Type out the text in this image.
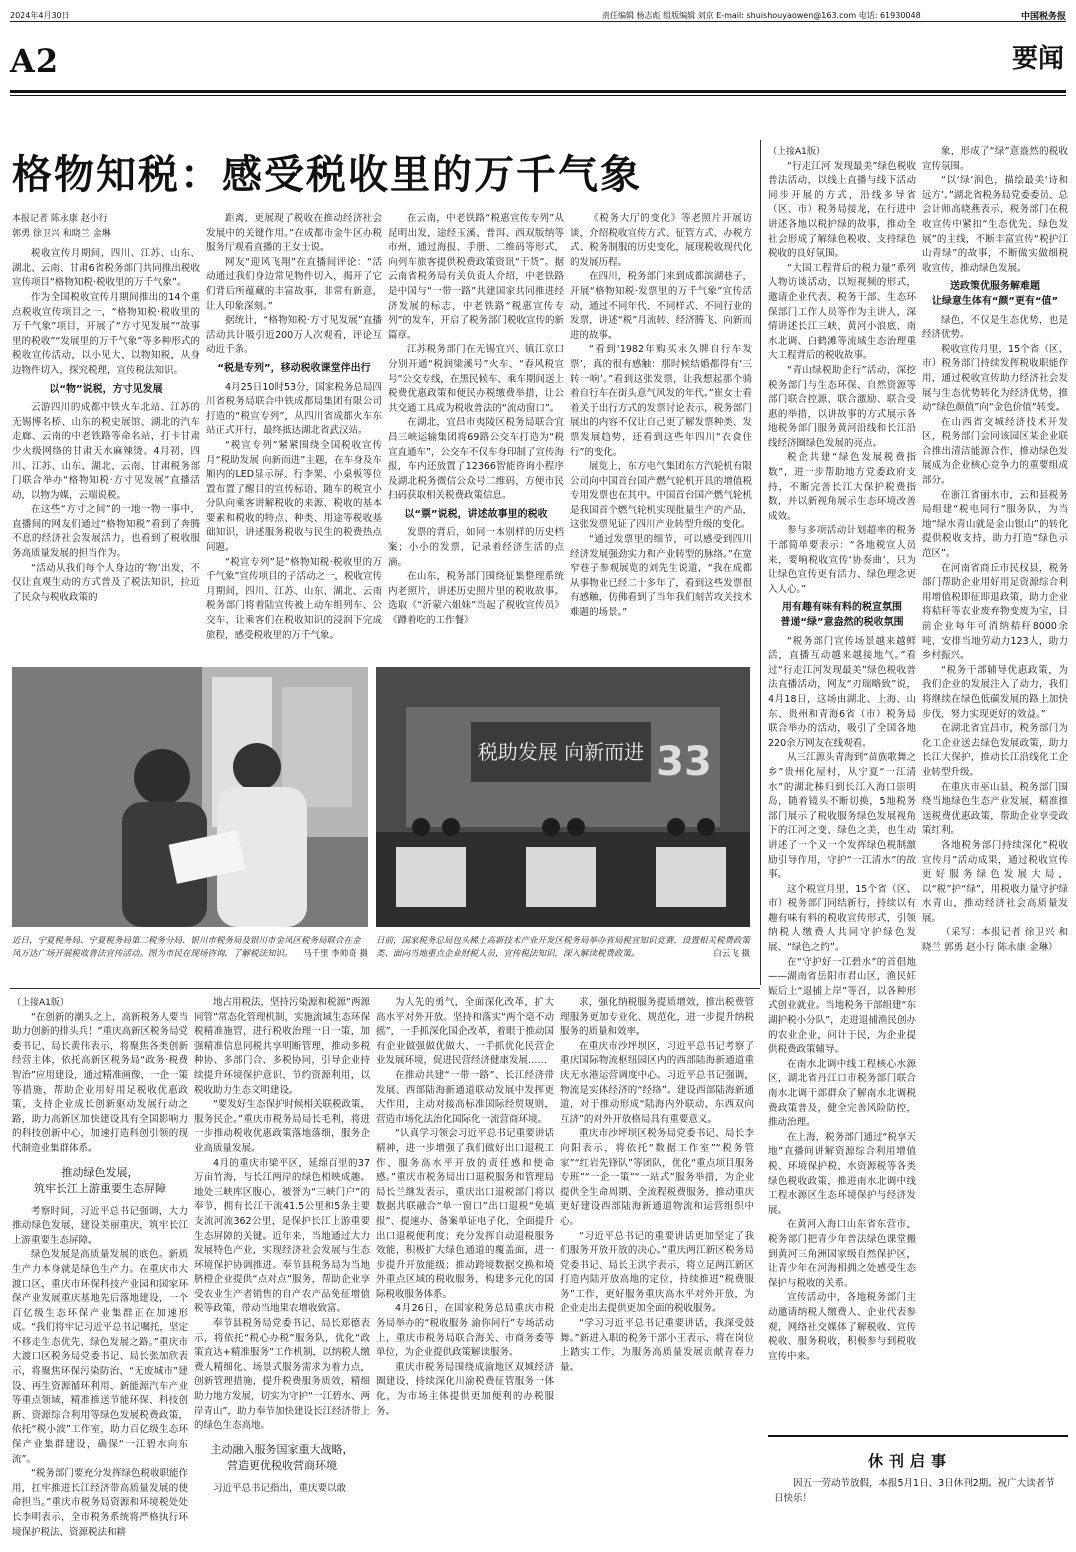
2024年4月30日	责任编辑 杨志彪 组版编辑 刘京 E-mail: shuishouyaowen@163.com 电话: 61930048	中国税务报
A2	要闻
格物知税：感受税收里的万千气象

本报记者 陈永康 赵小行
郭勇 徐卫兴 和晓兰 金琳

税收宣传月期间，四川、江苏、山东、湖北、云南、甘肃6省税务部门共同推出税收宣传项目“格物知税·税收里的万千气象”。

作为全国税收宣传月期间推出的14个重点税收宣传项目之一，“格物知税·税收里的万千气象”项目，开展了“方寸见发展”“故事里的税收”“发展里的万千气象”等多种形式的税收宣传活动，以小见大、以物知税，从身边物件切入，探究税理，宣传税法知识。

以“物”说税，方寸见发展

云游四川的成都中铁火车北站、江苏的无锡博名桥、山东的税史展馆、湖北的汽车走廊、云南的中老铁路等命名站，打卡甘肃少火级网络的甘肃天水麻辣烫。4月初，四川、江苏、山东、湖北、云南、甘肃税务部门联合举办“格物知税·方寸见发展”直播活动，以物为媒，云端说税。

在这些“方寸之间”的一地一物一事中，直播间的网友们通过“格物知税”看到了奔腾不息的经济社会发展活力，也看到了税收服务高质量发展的担当作为。

“活动从我们每个人身边的‘物’出发，不仅让直观生动的方式普及了税法知识，拉近了民众与税收政策的

距离，更展现了税收在推动经济社会发展中的关键作用。”在成都市金牛区办税服务厅观看直播的王女士说。

网友“迎风飞翔”在直播间评论：“活动通过我们身边常见物件切入，揭开了它们背后所蕴藏的丰富故事，非常有新意，让人印象深刻。”

据统计，“格物知税·方寸见发展”直播活动共计吸引近200万人次观看，评论互动近千条。

“税是专列”，移动税收课堂伴出行

4月25日10时53分，国家税务总局四川省税务局联合中铁成都局集团有限公司打造的“税宣专列”，从四川省成都火车东站正式开行，最终抵达湖北省武汉站。

“税宣专列”紧紧围绕全国税收宣传月“税助发展 向新而进”主题，在车身及车厢内的LED显示屏、行李架、小桌板等位置布置了醒目的宣传标语、随车的税宣小分队向乘客讲解税收的来源、税收的基本要素和税收的特点、种类、用途等税收基础知识，讲述服务税收与民生的税费热点问题。

“税宣专列”是“格物知税·税收里的万千气象”宣传项目的子活动之一，税收宣传月期间，四川、江苏、山东、湖北、云南税务部门将着陆宣传被上动车组列车、公交车，让乘客们在税收知识的浸润下完成旅程，感受税收里的万千气象。

在云南，中老铁路“税惠宣传专列”从昆明出发，途经玉溪、普洱、西双版纳等市州，通过海报、手册、二维码等形式，向列车旅客提供税费政策资讯“干货”。据云南省税务局有关负责人介绍，中老铁路是中国与“一带一路”共建国家共同推进经济发展的标志，中老铁路“税惠宣传专列”的发车，开启了税务部门税收宣传的新篇章。

江苏税务部门在无锡宜兴、镇江京口分别开通“税润梁溪号”火车、“春风税宣号”公交专线，在黑民候车、乘车期间送上税费优惠政策和便民办税缴费举措，让公共交通工具成为税收普法的“流动窗口”。

在湖北，宜昌市夷陵区税务局联合宜昌三峡运输集团将69路公交车打造为“税宣直通车”，公交车不仅车身印制了宣传海报，车内还放置了12366智能咨询小程序及湖北税务微信公众号二维码，方便市民扫码获取相关税费政策信息。

以“票”说税，讲述故事里的税收

发票的背后，如同一本别样的历史档案；小小的发票，记录着经济生活的点滴。

在山东，税务部门围绕征集整理系统内老照片，讲述历史照片里的税收故事。选取《“沂蒙六姐妹”当起了税收宣传员》《蹲着吃的工作餐》

《税务大厅的变化》等老照片开展访谈，介绍税收宣传方式、征管方式、办税方式、税务制服的历史变化，展现税收现代化的发展历程。

在四川，税务部门来到成都滨湖巷子，开展“格物知税·发票里的万千气象”宣传活动，通过不同年代、不同样式、不同行业的发票，讲述“税”月流转、经济腾飞、向新而进的故事。

“看到‘1982年购买永久牌自行车发票’，真的很有感触：那时候结婚都得有‘三转一响’。”看到这张发票，让我想起那个骑着自行车在街头意气风发的年代。”崔女士看着关于出行方式的发票讨论表示，税务部门展出的内容不仅让自己更了解发票种类、发票发展趋势，还看到这些年四川“衣食住行”的变化。

展览上，东方电气集团东方汽轮机有限公司向中国首台国产燃气轮机开具的增值税专用发票也在其中。中国首台国产燃气轮机是我国首个燃气轮机实现批量生产的产品，这张发票见证了四川产业转型升级的变化。

“通过发票里的细节，可以感受到四川经济发展强劲实力和产业转型的脉络。”在宽窄巷子参观展览的刘先生说道，“我在成都从事物业已经二十多年了，看到这些发票很有感触，仿佛看到了当年我们刻苦攻关技术难题的场景。”

近日，宁夏税务局、宁夏税务局第二税务分局、银川市税务局及银川市金凤区税务局联合在金凤万达广场开展税收普法宣传活动。图为市民在现场咨询，了解税法知识。 马千里 李帅奇 摄
税助发展 向新而进 33
日前，国家税务总局包头稀土高新技术产业开发区税务局举办省局税宣知识竞赛，设置相关税费政策类、面向当地重点企业财税人员，宣传税法知识，深入解读税费政策。	白云飞 摄

（上接A1版）

“行走江河 发现最美”绿色税收普法活动，以线上直播与线下活动同步开展的方式，沿线多导省（区、市）税务局接龙，在行进中讲述各地以税护绿的故事，推动全社会形成了解绿色税收、支持绿色税收的良好氛围。

“大国工程背后的税力量”系列人物访谈活动，以短视频的形式，邀请企业代表、税务干部、生态环保部门工作人员等作为主讲人，深情讲述长江三峡、黄河小浪底、南水北调、白鹤滩等流域生态治理重大工程背后的税收故事。

“青山绿税助企行”活动，深挖税务部门与生态环保、自然资源等部门联合控源、联合激励、联合受惠的举措，以讲故事的方式展示各地税务部门服务黄河沿线和长江沿线经济圈绿色发展的亮点。

税企共建“绿色发展税费指数”，进一步帮助地方党委政府支持，不断完善长江大保护税费指数，并以新视角展示生态环境改善成效。

参与多项活动计划超率的税务干部简单要表示：“各地税宣人员来，要响税收宣传‘协奏曲’，只为让绿色宣传更有活力、绿色理念更入人心。”

用有趣有味有料的税宣氛围
普递“绿”意盎然的税收氛围

“税务部门宣传场景越来越鲜活，直播互动越来越接地气。”看过“行走江河发现最美”绿色税收普法直播活动，网友“刃瑞略致”说，4月18日，这场由湖北、上海、山东、贵州和青海6省（市）税务局联合举办的活动，吸引了全国各地220余万网友在线观看。

从三江源头青海到“苗族歌舞之乡”贵州化屋村，从宁夏“一江清水”的湖北秭归到长江入海口崇明岛，随着镜头不断切换，5地税务部门展示了税收服务绿色发展视角下的江河之变、绿色之美，也生动讲述了一个又一个发挥绿色税制激励引导作用，守护“一江清水”的故事。

这个税宣月里，15个省（区、市）税务部门同结新行，持续以有趣有味有料的税收宣传形式，引领纳税人缴费人共同守护绿色发展、“绿色之约”。

在“守护好一江碧水”的首倡地——湖南省岳阳市君山区，渔民妊娠后上“退捕上岸”等召，以各种形式创业就业。当地税务干部组建“东湖护税小分队”，走进退捕渔民创办的农业企业，问计于民，为企业提供税费政策辅导。

在南水北调中线工程核心水源区，湖北省丹江口市税务部门联合南水北调干部群众了解南水北调税费政策普及，健全完善风险防控，推动治理。

在上海，税务部门通过“税享天地”直播间讲解资源综合利用增值税、环境保护税、水资源税等各类绿色税收政策，推进南水北调中线工程水源区生态环境保护与经济发展。

在黄河入海口山东省东营市，税务部门把青少年普法绿色课堂搬到黄河三角洲国家级自然保护区，让青少年在河海相拥之处感受生态保护与税收的关系。

宣传活动中，各地税务部门主动邀请纳税人缴费人、企业代表参观，网络社交媒体了解税收、宣传税收、服务税收，积极参与到税收宣传中来。

象，形成了“绿”意盎然的税收宣传氛围。

“以‘绿’润色，描绘最美‘诗和远方’。”湖北省税务局党委委员、总会计师高晓燕表示，税务部门在税收宣传中紧扣“生态优先、绿色发展”的主线，不断丰富宣传“税护江山青绿”的故事，不断做实做细税收宣传，推动绿色发展。

送政策优服务解难题
让绿意生体有“颜”更有“值”

绿色，不仅是生态优势，也是经济优势。

税收宣传月里，15个省（区、市）税务部门持续发挥税收职能作用，通过税收宣传助力经济社会发展与生态优势转化为经济优势，推动“绿色颜值”向“金色价值”转变。

在山西省交城经济技术开发区，税务部门会同该园区某企业联合推出清洁能源合作，推动绿色发展成为企业核心竞争力的重要组成部分。

在浙江省丽水市，云和县税务局组建“税电同行”服务队，为当地“绿水青山就是金山银山”的转化提供税收支持，助力打造“绿色示范区”。

在河南省商丘市民权县，税务部门帮助企业用好用足资源综合利用增值税即征即退政策，助力企业将秸秆等农业废弃物变废为宝，目前企业每年可消纳秸秆8000余吨，安排当地劳动力123人，助力乡村振兴。

“税务干部辅导优惠政策，为我们企业的发展注入了动力，我们将继续在绿色低碳发展的路上加快步伐，努力实现更好的效益。”

在湖北省宜昌市，税务部门为化工企业送去绿色发展政策，助力长江大保护，推动长江沿线化工企业转型升级。

在重庆市巫山县，税务部门围绕当地绿色生态产业发展，精准推送税费优惠政策，帮助企业享受政策红利。

各地税务部门持续深化“税收宣传月”活动成果，通过税收宣传更好服务绿色发展大局，以“税”护“绿”，用税收力量守护绿水青山，推动经济社会高质量发展。

（采写：本报记者 徐卫兴 和晓兰 郭勇 赵小行 陈永康 金琳）

（上接A1版）

“在创新的潮头之上，高新税务人要当助力创新的排头兵！”重庆高新区税务局党委书记、局长黄伟表示，将聚焦各类创新经营主体，依托高新区税务局“政务·税费智治”应用建设，通过精准画像、一企一策等措施，帮助企业用好用足税收优惠政策，支持企业成长创新驱动发展行动之路，助力高新区加快建设具有全国影响力的科技创新中心，加速打造科创引领的现代制造业集群体系。

推动绿色发展，
筑牢长江上游重要生态屏障

考察时间，习近平总书记强调，大力推动绿色发展，建设美丽重庆，筑牢长江上游重要生态屏障。

绿色发展是高质量发展的底色。新质生产力本身就是绿色生产力。在重庆市大渡口区，重庆市环保科技产业园和国家环保产业发展重庆基地先后落地建设，一个百亿级生态环保产业集群正在加速形成。“我们将牢记习近平总书记嘱托，坚定不移走生态优先、绿色发展之路。”重庆市大渡口区税务局党委书记、局长张加欣表示，将聚焦环保污染防治、“无废城市”建设、再生资源循环利用、新能源汽车产业等重点领域，精准推送节能环保、科技创新、资源综合利用等绿色发展税费政策，依托“税小波”工作室，助力百亿级生态环保产业集群建设，确保“一江碧水向东流”。

“税务部门要充分发挥绿色税收职能作用，扛牢推进长江经济带高质量发展的使命担当。”重庆市税务局资源和环境税处处长李明表示，全市税务系统将严格执行环境保护税法、资源税法和耕

地占用税法，坚持污染源和税源“两源同管”常态化管理机制，实施流域生态环保税精准施管，进行税收治理一日一策，加强精准信息同税共享明断管理，推动多税种协、多部门合、多税协同，引导企业持续提升环境保护意识、节约资源利用，以税收助力生态文明建设。

“要发好生态保护时候相关联税政策，服务民企。”重庆市税务局局长毛利，将进一步推动税收优惠政策落地落细，服务企业高质量发展。

4月的重庆市梁平区，延绵百里的37万亩竹海，与长江两岸的绿色相映成趣。地处三峡库区腹心，被誉为“三峡门户”的奉节，拥有长江干流41.5公里和5条主要支流河流362公里，是保护长江上游重要生态屏障的关键。近年来，当地通过大力发展特色产业，实现经济社会发展与生态环境保护协调推进。奉节县税务局为当地脐橙企业提供“点对点”服务，帮助企业享受农业生产者销售的自产农产品免征增值税等政策，带动当地果农增收致富。

奉节县税务局党委书记、局长郑德表示，将依托“税心办税”服务队，优化“政策直达+精准服务”工作机制，以纳税人缴费人精细化、场景式服务需求为着力点，创新管理措施，提升税费服务质效，精细助力地方发展，切实为守护“一江碧水、两岸青山”，助力奉节加快建设长江经济带上的绿色生态高地。

主动融入服务国家重大战略，
营造更优税收营商环境

习近平总书记指出，重庆要以敢

为人先的勇气，全面深化改革，扩大高水平对外开放。坚持和落实“两个毫不动摇”，一手抓深化国企改革，着眼于推动国有企业做强做优做大、一手抓优化民营企业发展环境，促进民营经济健康发展……

在推动共建“一带一路”、长江经济带发展、西部陆海新通道联动发展中发挥更大作用，主动对接高标准国际经贸规则，营造市场化法治化国际化一流营商环境。

“认真学习领会习近平总书记重要讲话精神，进一步增强了我们做好出口退税工作、服务高水平开放的责任感和使命感。”重庆市税务局出口退税服务和管理局局长兰继发表示，重庆出口退税部门将以数据共联融合“单一窗口”出口退税“免填报”、提速办、备案单证电子化，全面提升出口退税便利度；充分发挥自动退税服务效能，积极扩大绿色通道的覆盖面，进一步提升开放能级；推动跨境数据交换和境外重点区域的税收服务，构建多元化的国际税收服务体系。

4月26日，在国家税务总局重庆市税务局举办的“税收服务 渝你同行”专场活动上，重庆市税务局联合海关、市商务委等单位，为企业提供政策解读服务。

重庆市税务局围绕成渝地区双城经济圈建设，持续深化川渝税费征管服务一体化，为市场主体提供更加便利的办税服务。

求，强化纳税服务提质增效，推出税费管理服务更加专业化、规范化，进一步提升纳税服务的质量和效率。

在重庆市沙坪坝区，习近平总书记考察了重庆国际物流枢纽园区内的西部陆海新通道重庆无水港运营调度中心。习近平总书记强调，物流是实体经济的“经络”。建设西部陆海新通道，对于推动形成“陆海内外联动、东西双向互济”的对外开放格局具有重要意义。

重庆市沙坪坝区税务局党委书记、局长李向阳表示，将依托“数据工作室”“税务管家”“红岩先锋队”等团队，优化“重点项目服务专班”“一企一策”“一站式”服务举措，为企业提供全生命周期、全流程税费服务，推动重庆更好建设西部陆海新通道物流和运营组织中心。

“习近平总书记的重要讲话更加坚定了我们服务开放开放的决心。”重庆两江新区税务局党委书记、局长王洪宇表示，将立足两江新区打造内陆开放高地的定位，持续推进“税费服务”工作，更好服务重庆高水平对外开放，为企业走出去提供更加全面的税收服务。

“学习习近平总书记重要讲话，我深受鼓舞。”新进入职的税务干部小王表示，将在岗位上踏实工作，为服务高质量发展贡献青春力量。

休刊启事
因五一劳动节放假，本报5月1日、3日休刊2期。祝广大读者节日快乐！
